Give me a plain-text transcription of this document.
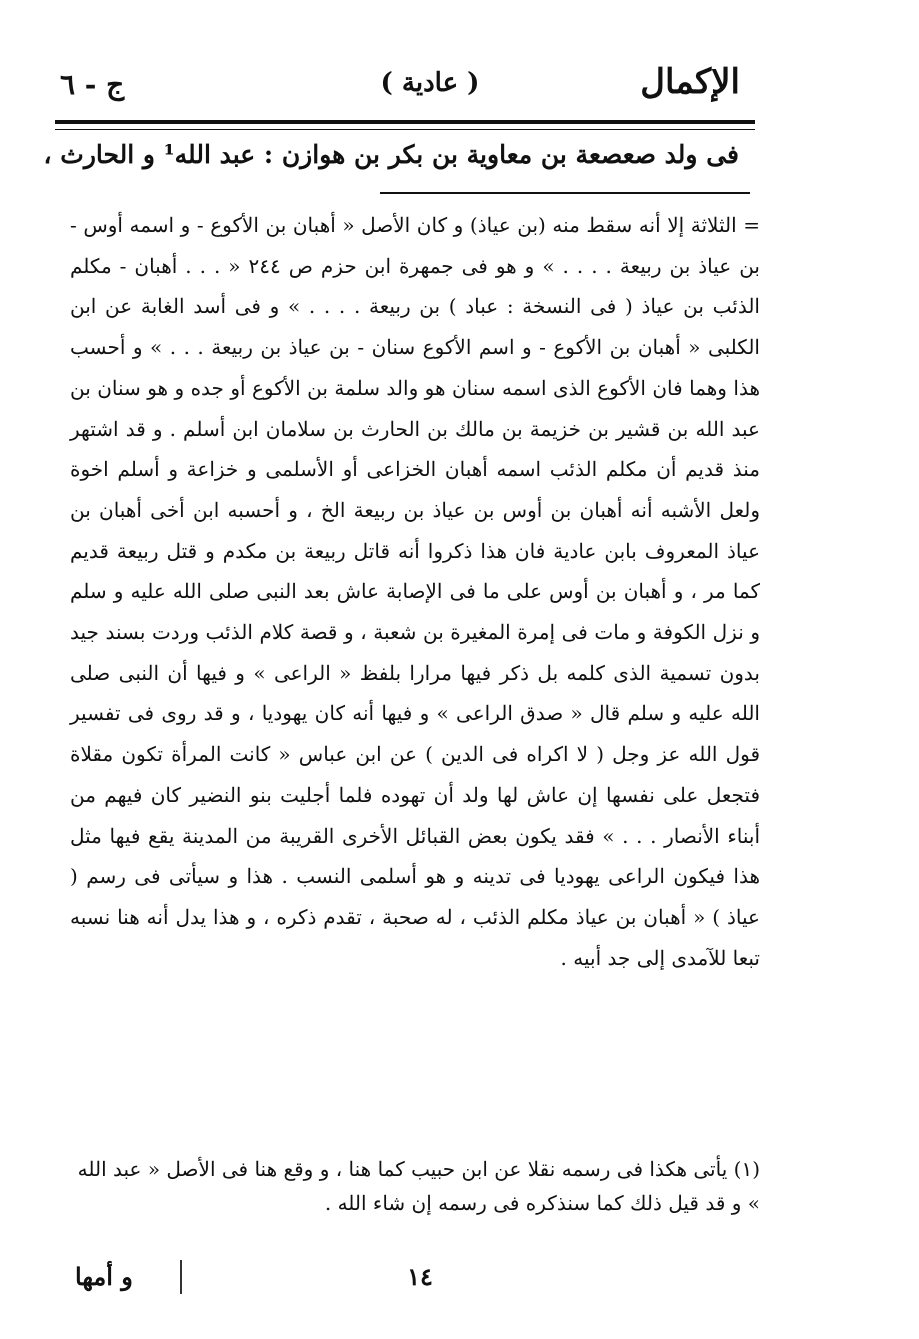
ج - ٦	( عادية )	الإكمال
فى ولد صعصعة بن معاوية بن بكر بن هوازن : عبد الله¹ و الحارث ،

= الثلاثة إلا أنه سقط منه (بن عياذ) و كان الأصل « أهبان بن الأكوع - و اسمه أوس - بن عياذ بن ربيعة . . . . » و هو فى جمهرة ابن حزم ص ٢٤٤ « . . . أهبان - مكلم الذئب بن عياذ ( فى النسخة : عباد ) بن ربيعة . . . . » و فى أسد الغابة عن ابن الكلبى « أهبان بن الأكوع - و اسم الأكوع سنان - بن عياذ بن ربيعة . . . » و أحسب هذا وهما فان الأكوع الذى اسمه سنان هو والد سلمة بن الأكوع أو جده و هو سنان بن عبد الله بن قشير بن خزيمة بن مالك بن الحارث بن سلامان ابن أسلم . و قد اشتهر منذ قديم أن مكلم الذئب اسمه أهبان الخزاعى أو الأسلمى و خزاعة و أسلم اخوة ولعل الأشبه أنه أهبان بن أوس بن عياذ بن ربيعة الخ ، و أحسبه ابن أخى أهبان بن عياذ المعروف بابن عادية فان هذا ذكروا أنه قاتل ربيعة بن مكدم و قتل ربيعة قديم كما مر ، و أهبان بن أوس على ما فى الإصابة عاش بعد النبى صلى الله عليه و سلم و نزل الكوفة و مات فى إمرة المغيرة بن شعبة ، و قصة كلام الذئب وردت بسند جيد بدون تسمية الذى كلمه بل ذكر فيها مرارا بلفظ « الراعى » و فيها أن النبى صلى الله عليه و سلم قال « صدق الراعى » و فيها أنه كان يهوديا ، و قد روى فى تفسير قول الله عز وجل ( لا اكراه فى الدين ) عن ابن عباس « كانت المرأة تكون مقلاة فتجعل على نفسها إن عاش لها ولد أن تهوده فلما أجليت بنو النضير كان فيهم من أبناء الأنصار . . . » فقد يكون بعض القبائل الأخرى القريبة من المدينة يقع فيها مثل هذا فيكون الراعى يهوديا فى تدينه و هو أسلمى النسب . هذا و سيأتى فى رسم ( عياذ ) « أهبان بن عياذ مكلم الذئب ، له صحبة ، تقدم ذكره ، و هذا يدل أنه هنا نسبه تبعا للآمدى إلى جد أبيه .

(١) يأتى هكذا فى رسمه نقلا عن ابن حبيب كما هنا ، و وقع هنا فى الأصل « عبد الله » و قد قيل ذلك كما سنذكره فى رسمه إن شاء الله .
١٤
و أمها
